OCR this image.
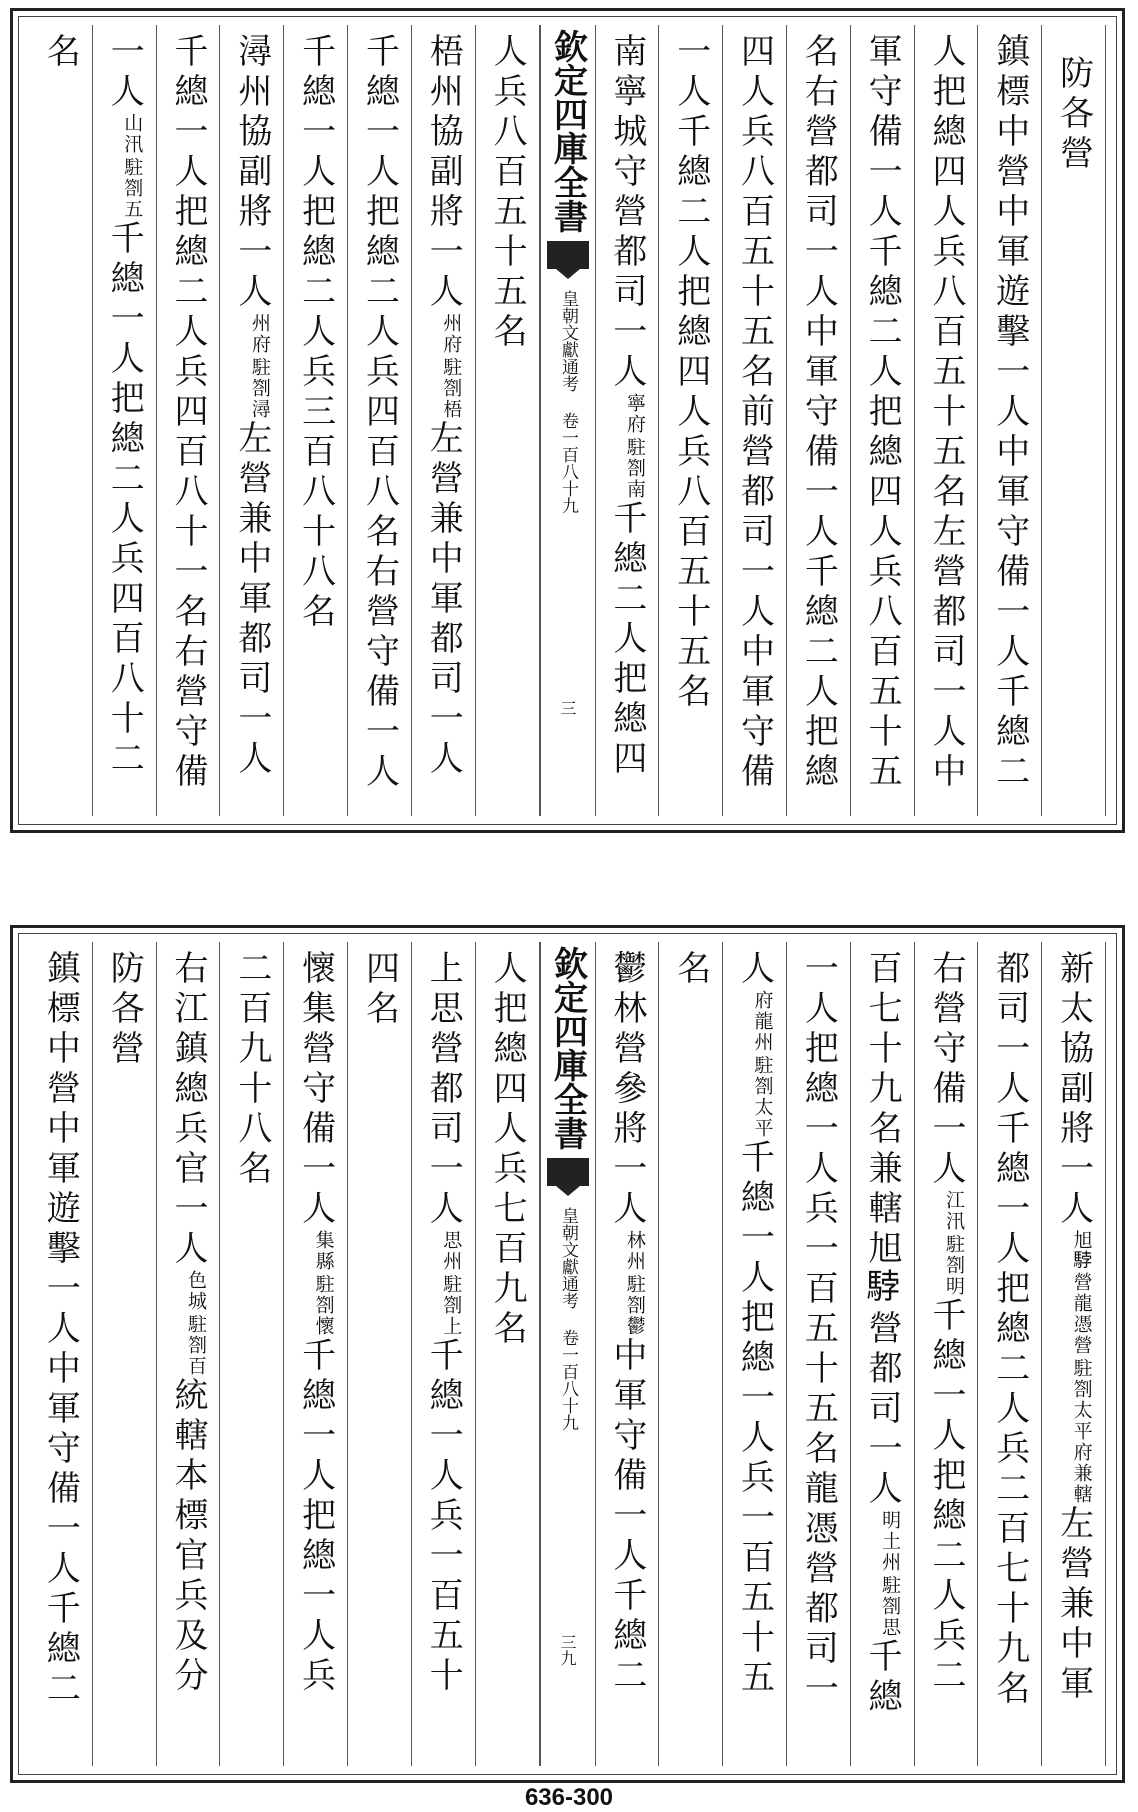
防各營
鎮標中營中軍遊擊一人中軍守備一人千總二
人把總四人兵八百五十五名左營都司一人中
軍守備一人千總二人把總四人兵八百五十五
名右營都司一人中軍守備一人千總二人把總
四人兵八百五十五名前營都司一人中軍守備
一人千總二人把總四人兵八百五十五名
南寧城守營都司一人
駐劄南
寧府
千總二人把總四
欽定四庫全書
皇朝文獻通考 卷一百八十九
三
人兵八百五十五名
梧州協副將一人
駐劄梧
州府
左營兼中軍都司一人
千總一人把總二人兵四百八名右營守備一人
千總一人把總二人兵三百八十八名
潯州協副將一人
駐劄潯
州府
左營兼中軍都司一人
千總一人把總二人兵四百八十一名右營守備
一人
駐劄五
山汛
千總一人把總二人兵四百八十二
名
新太協副將一人
駐劄太平府兼轄
旭𩣡營龍憑營
左營兼中軍
都司一人千總一人把總二人兵二百七十九名
右營守備一人
駐劄明
江汛
千總一人把總二人兵二
百七十九名兼轄旭𩣡營都司一人
駐劄思
明土州
千總
一人把總一人兵一百五十五名龍憑營都司一
人
駐劄太平
府龍州
千總一人把總一人兵一百五十五
名
鬱林營參將一人
駐劄鬱
林州
中軍守備一人千總二
欽定四庫全書
皇朝文獻通考 卷一百八十九
三九
人把總四人兵七百九名
上思營都司一人
駐劄上
思州
千總一人兵一百五十
四名
懷集營守備一人
駐劄懷
集縣
千總一人把總一人兵
二百九十八名
右江鎮總兵官一人
駐劄百
色城
統轄本標官兵及分
防各營
鎮標中營中軍遊擊一人中軍守備一人千總二
636-300
